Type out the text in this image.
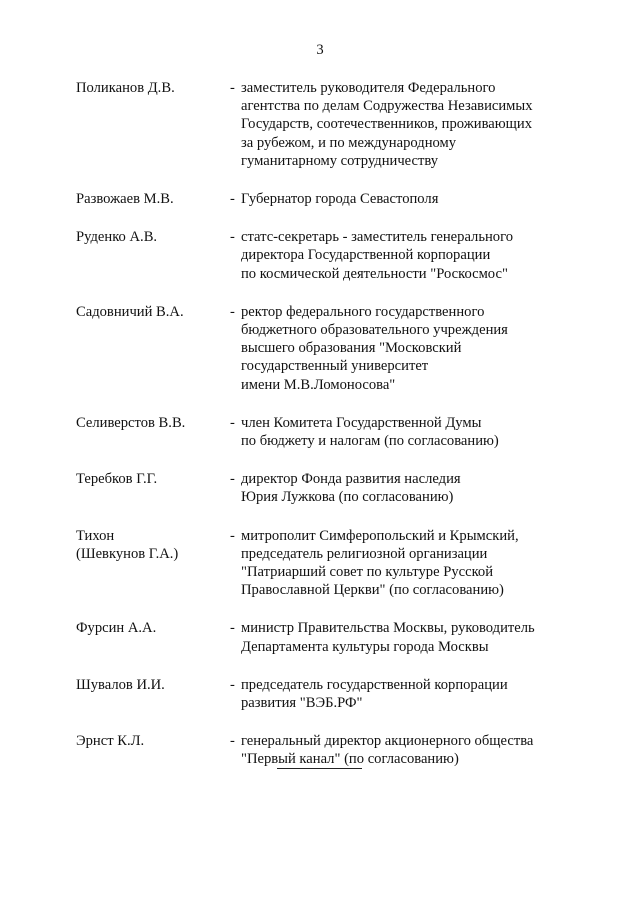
3
Поликанов Д.В.	- заместитель руководителя Федерального
агентства по делам Содружества Независимых
Государств, соотечественников, проживающих
за рубежом, и по международному
гуманитарному сотрудничеству
Развожаев М.В.	- Губернатор города Севастополя
Руденко А.В.	- статс-секретарь - заместитель генерального
директора Государственной корпорации
по космической деятельности "Роскосмос"
Садовничий В.А.	- ректор федерального государственного
бюджетного образовательного учреждения
высшего образования "Московский
государственный университет
имени М.В.Ломоносова"
Селиверстов В.В.	- член Комитета Государственной Думы
по бюджету и налогам (по согласованию)
Теребков Г.Г.	- директор Фонда развития наследия
Юрия Лужкова (по согласованию)
Тихон
(Шевкунов Г.А.)
- митрополит Симферопольский и Крымский,
председатель религиозной организации
"Патриарший совет по культуре Русской
Православной Церкви" (по согласованию)
Фурсин А.А.	- министр Правительства Москвы, руководитель
Департамента культуры города Москвы
Шувалов И.И.	- председатель государственной корпорации
развития "ВЭБ.РФ"
Эрнст К.Л.	- генеральный директор акционерного общества
"Первый канал" (по согласованию)
